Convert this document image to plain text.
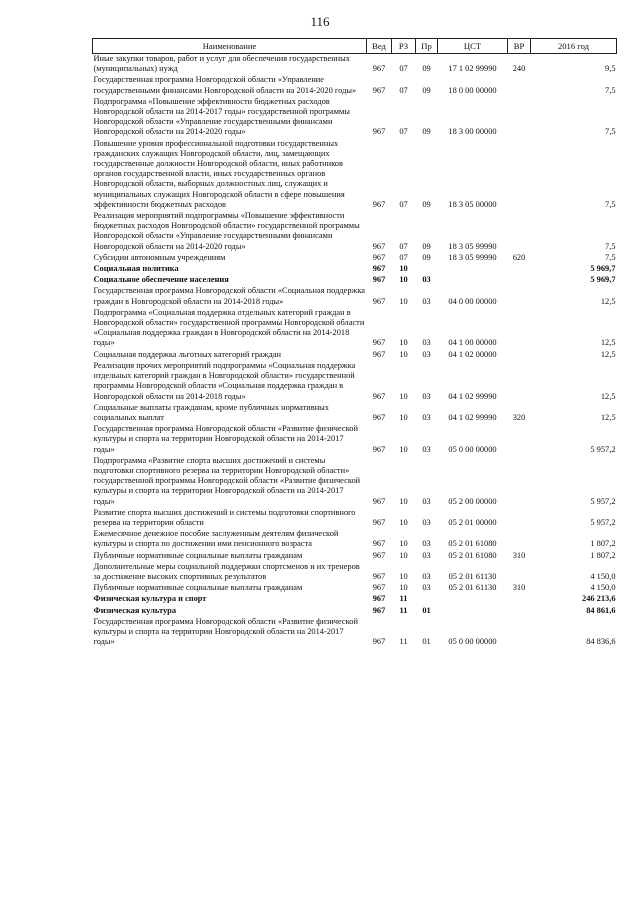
116
Наименование	Вед	РЗ	Пр	ЦСТ	ВР	2016 год
Иные закупки товаров, работ и услуг для обеспечения государственных (муниципальных) нужд	967	07	09	17 1 02 99990	240	9,5
Государственная программа Новгородской области «Управление государственными финансами Новгородской области на 2014-2020 годы»	967	07	09	18 0 00 00000		7,5
Подпрограмма «Повышение эффективности бюджетных расходов Новгородской области на 2014-2017 годы» государственной программы Новгородской области «Управление государственными финансами Новгородской области на 2014-2020 годы»	967	07	09	18 3 00 00000		7,5
Повышение уровня профессиональной подготовки государственных гражданских служащих Новгородской области, лиц, замещающих государственные должности Новгородской области, иных работников органов государственной власти, иных государственных органов Новгородской области, выборных должностных лиц, служащих и муниципальных служащих Новгородской области в сфере повышения эффективности бюджетных расходов	967	07	09	18 3 05 00000		7,5
Реализация мероприятий подпрограммы «Повышение эффективности бюджетных расходов Новгородской области» государственной программы Новгородской области «Управление государственными финансами Новгородской области на 2014-2020 годы»	967	07	09	18 3 05 99990		7,5
Субсидии автономным учреждениям	967	07	09	18 3 05 99990	620	7,5
Социальная политика	967	10				5 969,7
Социальное обеспечение населения	967	10	03			5 969,7
Государственная программа Новгородской области «Социальная поддержка граждан в Новгородской области на 2014-2018 годы»	967	10	03	04 0 00 00000		12,5
Подпрограмма «Социальная поддержка отдельных категорий граждан в Новгородской области» государственной программы Новгородской области «Социальная поддержка граждан в Новгородской области на 2014-2018 годы»	967	10	03	04 1 00 00000		12,5
Социальная поддержка льготных категорий граждан	967	10	03	04 1 02 00000		12,5
Реализация прочих мероприятий подпрограммы «Социальная поддержка отдельных категорий граждан в Новгородской области» государственной программы Новгородской области «Социальная поддержка граждан в Новгородской области на 2014-2018 годы»	967	10	03	04 1 02 99990		12,5
Социальные выплаты гражданам, кроме публичных нормативных социальных выплат	967	10	03	04 1 02 99990	320	12,5
Государственная программа Новгородской области «Развитие физической культуры и спорта на территории Новгородской области на 2014-2017 годы»	967	10	03	05 0 00 00000		5 957,2
Подпрограмма «Развитие спорта высших достижений и системы подготовки спортивного резерва на территории Новгородской области» государственной программы Новгородской области «Развитие физической культуры и спорта на территории Новгородской области на 2014-2017 годы»	967	10	03	05 2 00 00000		5 957,2
Развитие спорта высших достижений и системы подготовки спортивного резерва на территории области	967	10	03	05 2 01 00000		5 957,2
Ежемесячное денежное пособие заслуженным деятелям физической культуры и спорта по достижении ими пенсионного возраста	967	10	03	05 2 01 61080		1 807,2
Публичные нормативные социальные выплаты гражданам	967	10	03	05 2 01 61080	310	1 807,2
Дополнительные меры социальной поддержки спортсменов и их тренеров за достижение высоких спортивных результатов	967	10	03	05 2 01 61130		4 150,0
Публичные нормативные социальные выплаты гражданам	967	10	03	05 2 01 61130	310	4 150,0
Физическая культура и спорт	967	11				246 213,6
Физическая культура	967	11	01			84 861,6
Государственная программа Новгородской области «Развитие физической культуры и спорта на территории Новгородской области на 2014-2017 годы»	967	11	01	05 0 00 00000		84 836,6
